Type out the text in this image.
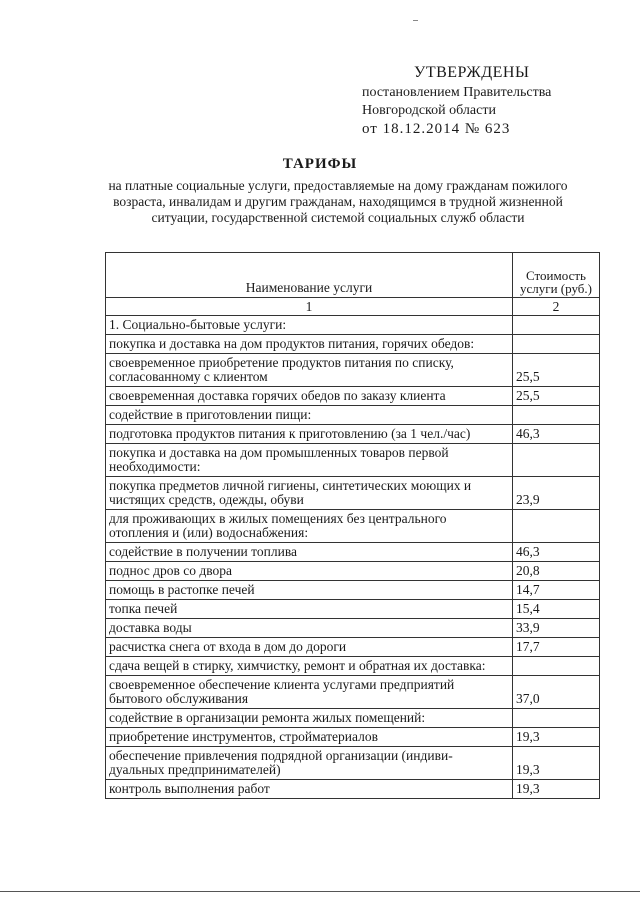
УТВЕРЖДЕНЫ
постановлением Правительства
Новгородской области
от 18.12.2014 № 623
ТАРИФЫ
на платные социальные услуги, предоставляемые на дому гражданам пожилого возраста, инвалидам и другим гражданам, находящимся в трудной жизненной ситуации, государственной системой социальных служб области
Наименование услуги	Стоимость услуги (руб.)
1	2
1. Социально-бытовые услуги:	
покупка и доставка на дом продуктов питания, горячих обедов:	
своевременное приобретение продуктов питания по списку, согласованному с клиентом	25,5
своевременная доставка горячих обедов по заказу клиента	25,5
содействие в приготовлении пищи:	
подготовка продуктов питания к приготовлению (за 1 чел./час)	46,3
покупка и доставка на дом промышленных товаров первой необходимости:	
покупка предметов личной гигиены, синтетических моющих и чистящих средств, одежды, обуви	23,9
для проживающих в жилых помещениях без центрального отопления и (или) водоснабжения:	
содействие в получении топлива	46,3
поднос дров со двора	20,8
помощь в растопке печей	14,7
топка печей	15,4
доставка воды	33,9
расчистка снега от входа в дом до дороги	17,7
сдача вещей в стирку, химчистку, ремонт и обратная их доставка:	
своевременное обеспечение клиента услугами предприятий бытового обслуживания	37,0
содействие в организации ремонта жилых помещений:	
приобретение инструментов, стройматериалов	19,3
обеспечение привлечения подрядной организации (индиви- дуальных предпринимателей)	19,3
контроль выполнения работ	19,3
